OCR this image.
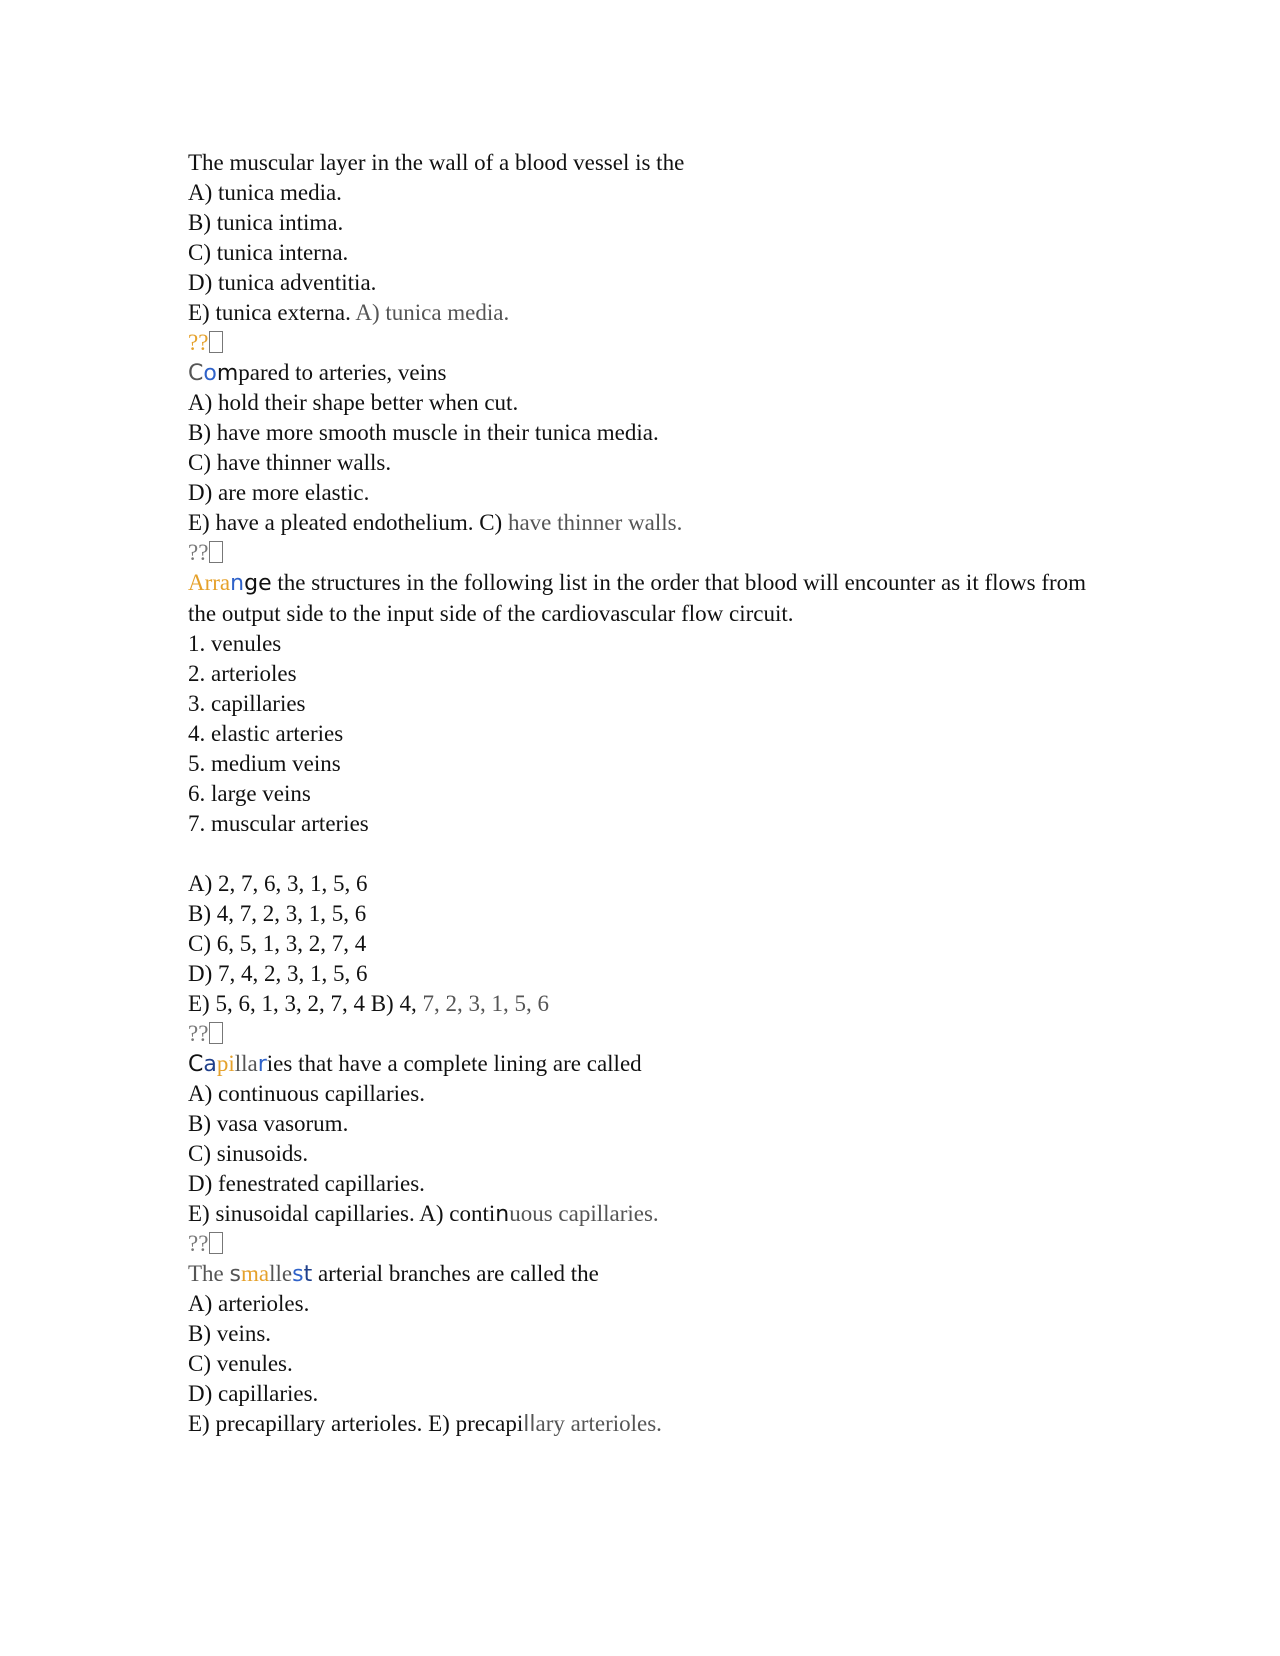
The muscular layer in the wall of a blood vessel is the
A) tunica media.
B) tunica intima.
C) tunica interna.
D) tunica adventitia.
E) tunica externa. A) tunica media.
??
Compared to arteries, veins
A) hold their shape better when cut.
B) have more smooth muscle in their tunica media.
C) have thinner walls.
D) are more elastic.
E) have a pleated endothelium. C) have thinner walls.
??
Arrange the structures in the following list in the order that blood will encounter as it flows from
the output side to the input side of the cardiovascular flow circuit.
1. venules
2. arterioles
3. capillaries
4. elastic arteries
5. medium veins
6. large veins
7. muscular arteries
A) 2, 7, 6, 3, 1, 5, 6
B) 4, 7, 2, 3, 1, 5, 6
C) 6, 5, 1, 3, 2, 7, 4
D) 7, 4, 2, 3, 1, 5, 6
E) 5, 6, 1, 3, 2, 7, 4 B) 4, 7, 2, 3, 1, 5, 6
??
Capillaries that have a complete lining are called
A) continuous capillaries.
B) vasa vasorum.
C) sinusoids.
D) fenestrated capillaries.
E) sinusoidal capillaries. A) continuous capillaries.
??
The smallest arterial branches are called the
A) arterioles.
B) veins.
C) venules.
D) capillaries.
E) precapillary arterioles. E) precapillary arterioles.
